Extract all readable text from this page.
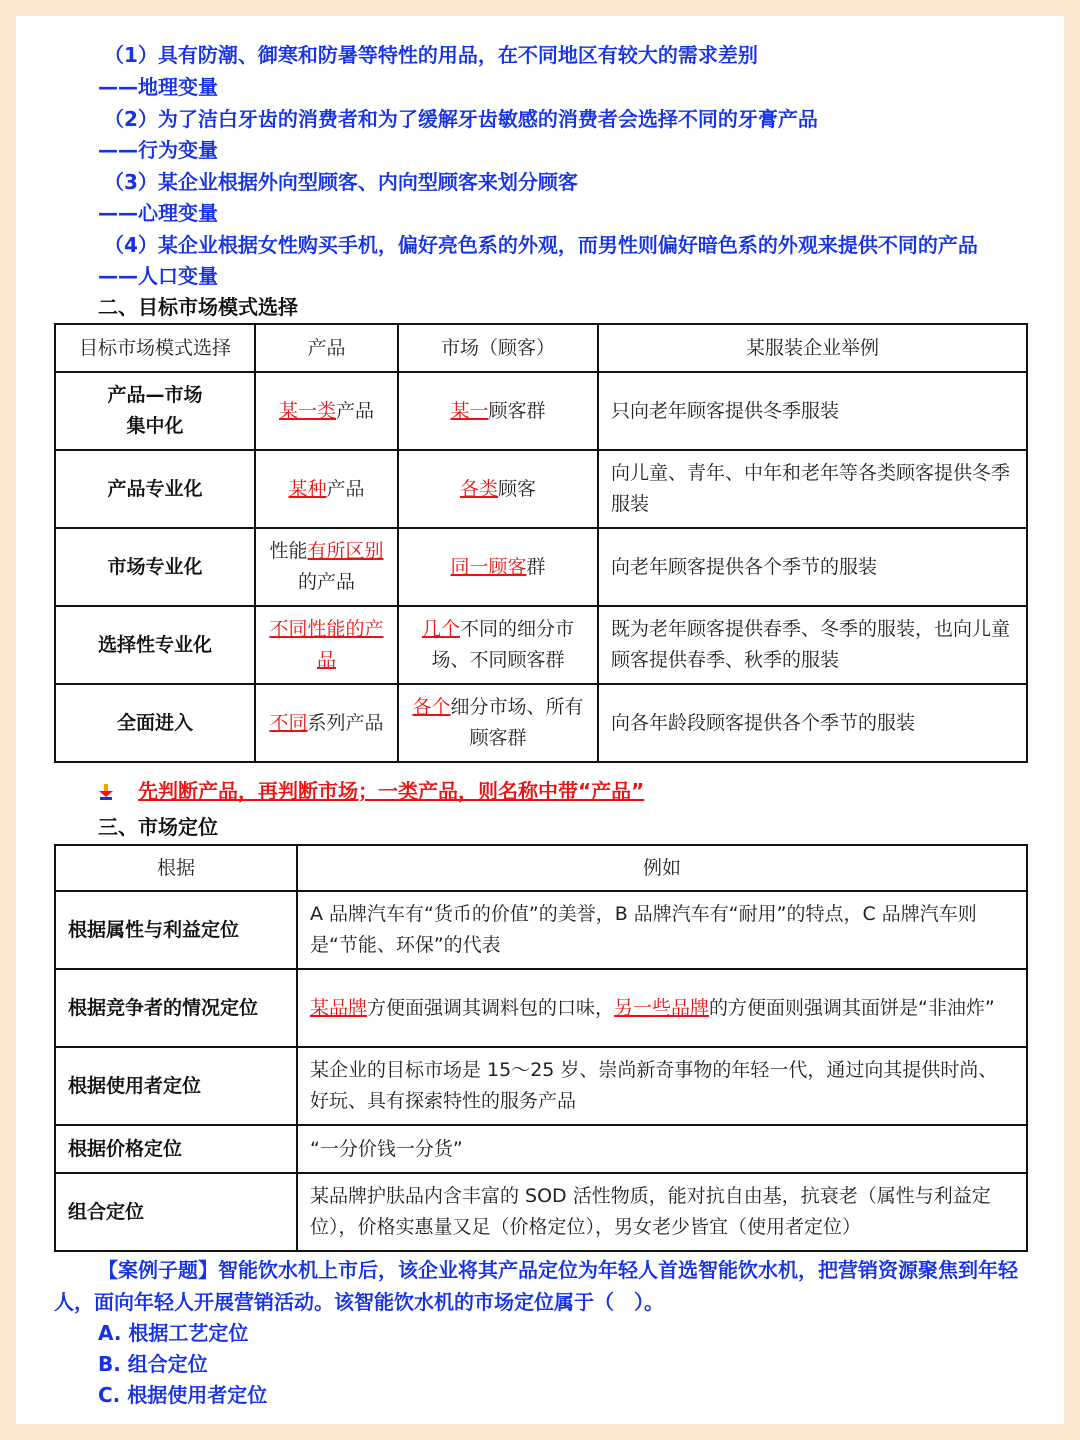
（1）具有防潮、御寒和防暑等特性的用品，在不同地区有较大的需求差别
——地理变量
（2）为了洁白牙齿的消费者和为了缓解牙齿敏感的消费者会选择不同的牙膏产品
——行为变量
（3）某企业根据外向型顾客、内向型顾客来划分顾客
——心理变量
（4）某企业根据女性购买手机，偏好亮色系的外观，而男性则偏好暗色系的外观来提供不同的产品
——人口变量
二、目标市场模式选择
目标市场模式选择	产品	市场（顾客）	某服装企业举例
产品—市场
集中化	某一类产品	某一顾客群	只向老年顾客提供冬季服装
产品专业化	某种产品	各类顾客	向儿童、青年、中年和老年等各类顾客提供冬季服装
市场专业化	性能有所区别的产品	同一顾客群	向老年顾客提供各个季节的服装
选择性专业化	不同性能的产品	几个不同的细分市场、不同顾客群	既为老年顾客提供春季、冬季的服装，也向儿童顾客提供春季、秋季的服装
全面进入	不同系列产品	各个细分市场、所有顾客群	向各年龄段顾客提供各个季节的服装
先判断产品，再判断市场；一类产品，则名称中带“产品”
三、市场定位
根据	例如
根据属性与利益定位	A 品牌汽车有“货币的价值”的美誉，B 品牌汽车有“耐用”的特点，C 品牌汽车则是“节能、环保”的代表
根据竞争者的情况定位	某品牌方便面强调其调料包的口味，另一些品牌的方便面则强调其面饼是“非油炸”
根据使用者定位	某企业的目标市场是 15～25 岁、崇尚新奇事物的年轻一代，通过向其提供时尚、好玩、具有探索特性的服务产品
根据价格定位	“一分价钱一分货”
组合定位	某品牌护肤品内含丰富的 SOD 活性物质，能对抗自由基，抗衰老（属性与利益定位），价格实惠量又足（价格定位），男女老少皆宜（使用者定位）
【案例子题】智能饮水机上市后，该企业将其产品定位为年轻人首选智能饮水机，把营销资源聚焦到年轻人，面向年轻人开展营销活动。该智能饮水机的市场定位属于（　）。
A. 根据工艺定位
B. 组合定位
C. 根据使用者定位
